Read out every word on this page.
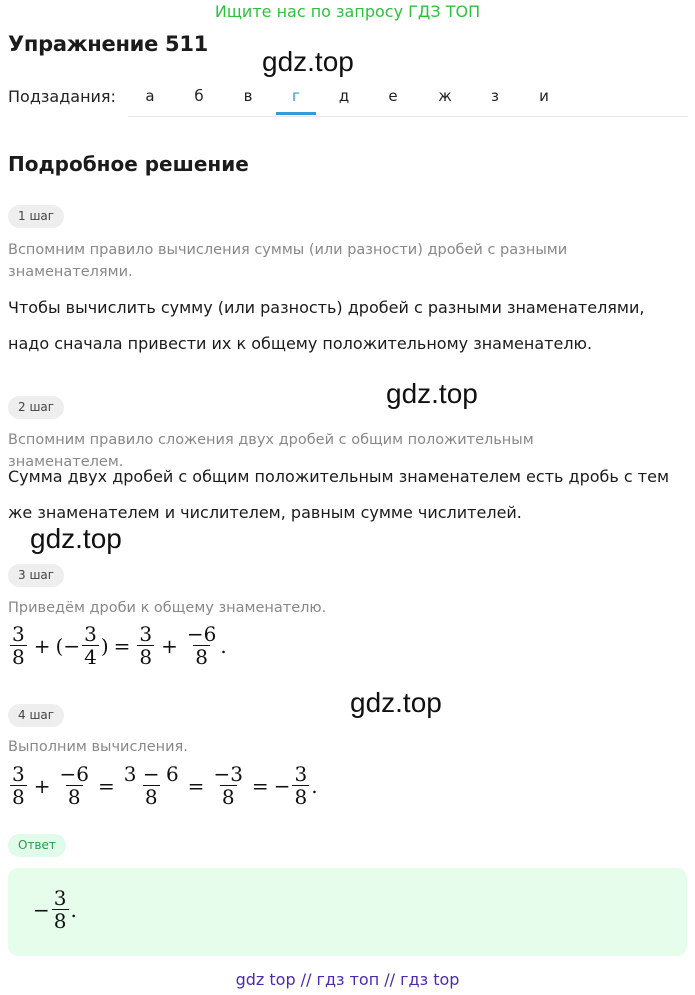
Ищите нас по запросу ГДЗ ТОП
Упражнение 511
gdz.top
Подзадания:	а	б	в	г	д	е	ж	з	и
Подробное решение
1 шаг
Вспомним правило вычисления суммы (или разности) дробей с разными знаменателями.
Чтобы вычислить сумму (или разность) дробей с разными знаменателями, надо сначала привести их к общему положительному знаменателю.
gdz.top
2 шаг
Вспомним правило сложения двух дробей с общим положительным знаменателем.
Сумма двух дробей с общим положительным знаменателем есть дробь с тем же знаменателем и числителем, равным сумме числителей.
gdz.top
3 шаг
Приведём дроби к общему знаменателю.
$\frac{3}{8}$ + ( − $\frac{3}{4}$ ) = $\frac{3}{8} + \frac{-6}{8}$ .
gdz.top
4 шаг
Выполним вычисления.
$\frac{3}{8} + \frac{-6}{8} = \frac{3 - 6}{8} = \frac{-3}{8}$ = − $\frac{3}{8}$ .
Ответ
− $\frac{3}{8}$ .
gdz top // гдз топ // гдз top
